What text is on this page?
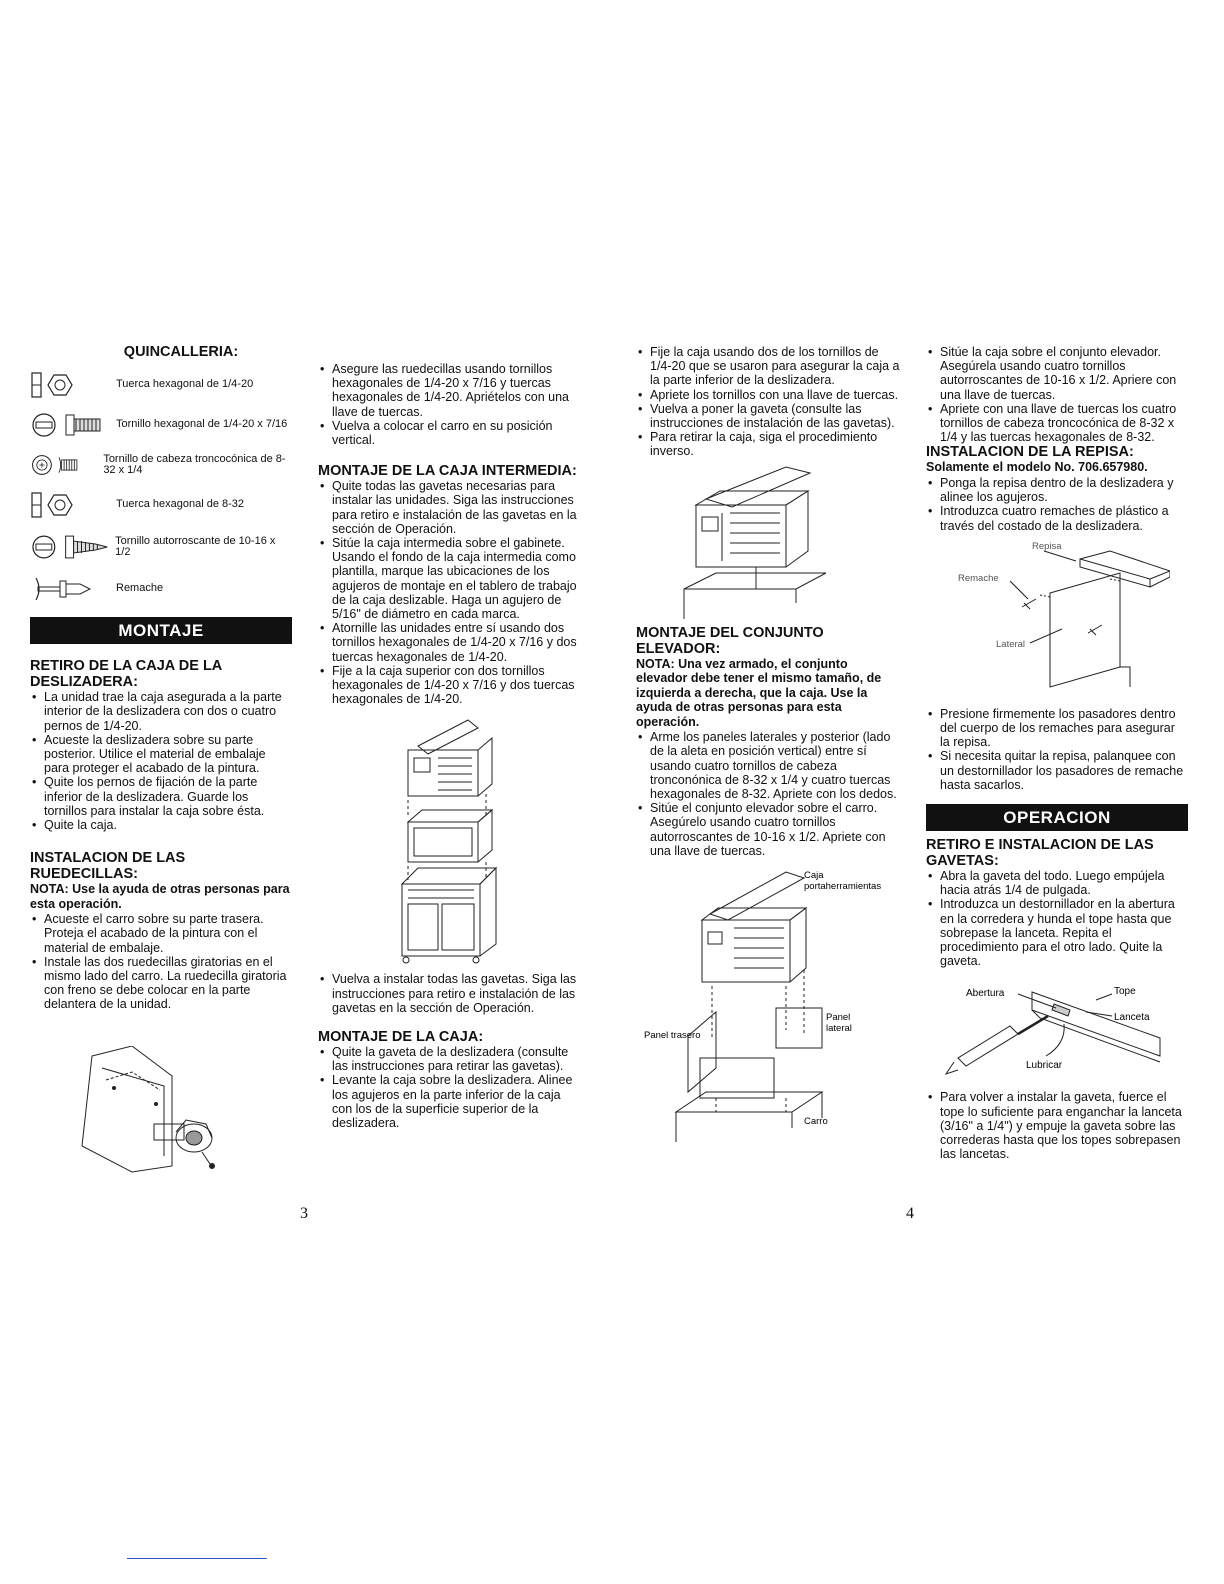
QUINCALLERIA:
Tuerca hexagonal de 1/4-20
Tornillo hexagonal de 1/4-20 x 7/16
Tornillo de cabeza troncocónica de 8-32 x 1/4
Tuerca hexagonal de 8-32
Tornillo autorroscante de 10-16 x 1/2
Remache
MONTAJE
RETIRO DE LA CAJA DE LA DESLIZADERA:
• La unidad trae la caja asegurada a la parte interior de la deslizadera con dos o cuatro pernos de 1/4-20.
• Acueste la deslizadera sobre su parte posterior. Utilice el material de embalaje para proteger el acabado de la pintura.
• Quite los pernos de fijación de la parte inferior de la deslizadera. Guarde los tornillos para instalar la caja sobre ésta.
• Quite la caja.
INSTALACION DE LAS RUEDECILLAS:
NOTA: Use la ayuda de otras personas para esta operación.
• Acueste el carro sobre su parte trasera. Proteja el acabado de la pintura con el material de embalaje.
• Instale las dos ruedecillas giratorias en el mismo lado del carro. La ruedecilla giratoria con freno se debe colocar en la parte delantera de la unidad.
• Asegure las ruedecillas usando tornillos hexagonales de 1/4-20 x 7/16 y tuercas hexagonales de 1/4-20. Apriételos con una llave de tuercas.
• Vuelva a colocar el carro en su posición vertical.
MONTAJE DE LA CAJA INTERMEDIA:
• Quite todas las gavetas necesarias para instalar las unidades. Siga las instrucciones para retiro e instalación de las gavetas en la sección de Operación.
• Sitúe la caja intermedia sobre el gabinete. Usando el fondo de la caja intermedia como plantilla, marque las ubicaciones de los agujeros de montaje en el tablero de trabajo de la caja deslizable. Haga un agujero de 5/16" de diámetro en cada marca.
• Atornille las unidades entre sí usando dos tornillos hexagonales de 1/4-20 x 7/16 y dos tuercas hexagonales de 1/4-20.
• Fije a la caja superior con dos tornillos hexagonales de 1/4-20 x 7/16 y dos tuercas hexagonales de 1/4-20.
• Vuelva a instalar todas las gavetas. Siga las instrucciones para retiro e instalación de las gavetas en la sección de Operación.
MONTAJE DE LA CAJA:
• Quite la gaveta de la deslizadera (consulte las instrucciones para retirar las gavetas).
• Levante la caja sobre la deslizadera. Alinee los agujeros en la parte inferior de la caja con los de la superficie superior de la deslizadera.
• Fije la caja usando dos de los tornillos de 1/4-20 que se usaron para asegurar la caja a la parte inferior de la deslizadera.
• Apriete los tornillos con una llave de tuercas.
• Vuelva a poner la gaveta (consulte las instrucciones de instalación de las gavetas).
• Para retirar la caja, siga el procedimiento inverso.
MONTAJE DEL CONJUNTO ELEVADOR:
NOTA: Una vez armado, el conjunto elevador debe tener el mismo tamaño, de izquierda a derecha, que la caja. Use la ayuda de otras personas para esta operación.
• Arme los paneles laterales y posterior (lado de la aleta en posición vertical) entre sí usando cuatro tornillos de cabeza tronconónica de 8-32 x 1/4 y cuatro tuercas hexagonales de 8-32. Apriete con los dedos.
• Sitúe el conjunto elevador sobre el carro. Asegúrelo usando cuatro tornillos autorroscantes de 10-16 x 1/2. Apriete con una llave de tuercas.
Caja
portaherramientas
Panel
lateral
Panel trasero
Carro
• Sitúe la caja sobre el conjunto elevador. Asegúrela usando cuatro tornillos autorroscantes de 10-16 x 1/2. Apriere con una llave de tuercas.
• Apriete con una llave de tuercas los cuatro tornillos de cabeza troncocónica de 8-32 x 1/4 y las tuercas hexagonales de 8-32.
INSTALACION DE LA REPISA:
Solamente el modelo No. 706.657980.
• Ponga la repisa dentro de la deslizadera y alinee los agujeros.
• Introduzca cuatro remaches de plástico a través del costado de la deslizadera.
Repisa
Remache
Lateral
• Presione firmemente los pasadores dentro del cuerpo de los remaches para asegurar la repisa.
• Si necesita quitar la repisa, palanquee con un destornillador los pasadores de remache hasta sacarlos.
OPERACION
RETIRO E INSTALACION DE LAS GAVETAS:
• Abra la gaveta del todo. Luego empújela hacia atrás 1/4 de pulgada.
• Introduzca un destornillador en la abertura en la corredera y hunda el tope hasta que sobrepase la lanceta. Repita el procedimiento para el otro lado. Quite la gaveta.
Tope
Abertura
Lanceta
Lubricar
• Para volver a instalar la gaveta, fuerce el tope lo suficiente para enganchar la lanceta (3/16" a 1/4") y empuje la gaveta sobre las correderas hasta que los topes sobrepasen las lancetas.
3	4
